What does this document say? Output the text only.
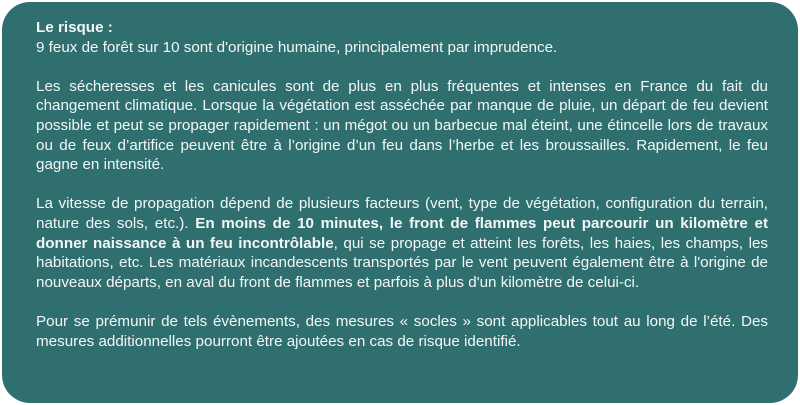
Le risque :

9 feux de forêt sur 10 sont d'origine humaine, principalement par imprudence.

Les sécheresses et les canicules sont de plus en plus fréquentes et intenses en France du fait du changement climatique. Lorsque la végétation est asséchée par manque de pluie, un départ de feu devient possible et peut se propager rapidement : un mégot ou un barbecue mal éteint, une étincelle lors de travaux ou de feux d’artifice peuvent être à l’origine d’un feu dans l’herbe et les broussailles. Rapidement, le feu gagne en intensité.

La vitesse de propagation dépend de plusieurs facteurs (vent, type de végétation, configuration du terrain, nature des sols, etc.). En moins de 10 minutes, le front de flammes peut parcourir un kilomètre et donner naissance à un feu incontrôlable, qui se propage et atteint les forêts, les haies, les champs, les habitations, etc. Les matériaux incandescents transportés par le vent peuvent également être à l'origine de nouveaux départs, en aval du front de flammes et parfois à plus d'un kilomètre de celui-ci.

Pour se prémunir de tels évènements, des mesures « socles » sont applicables tout au long de l’été. Des mesures additionnelles pourront être ajoutées en cas de risque identifié.
